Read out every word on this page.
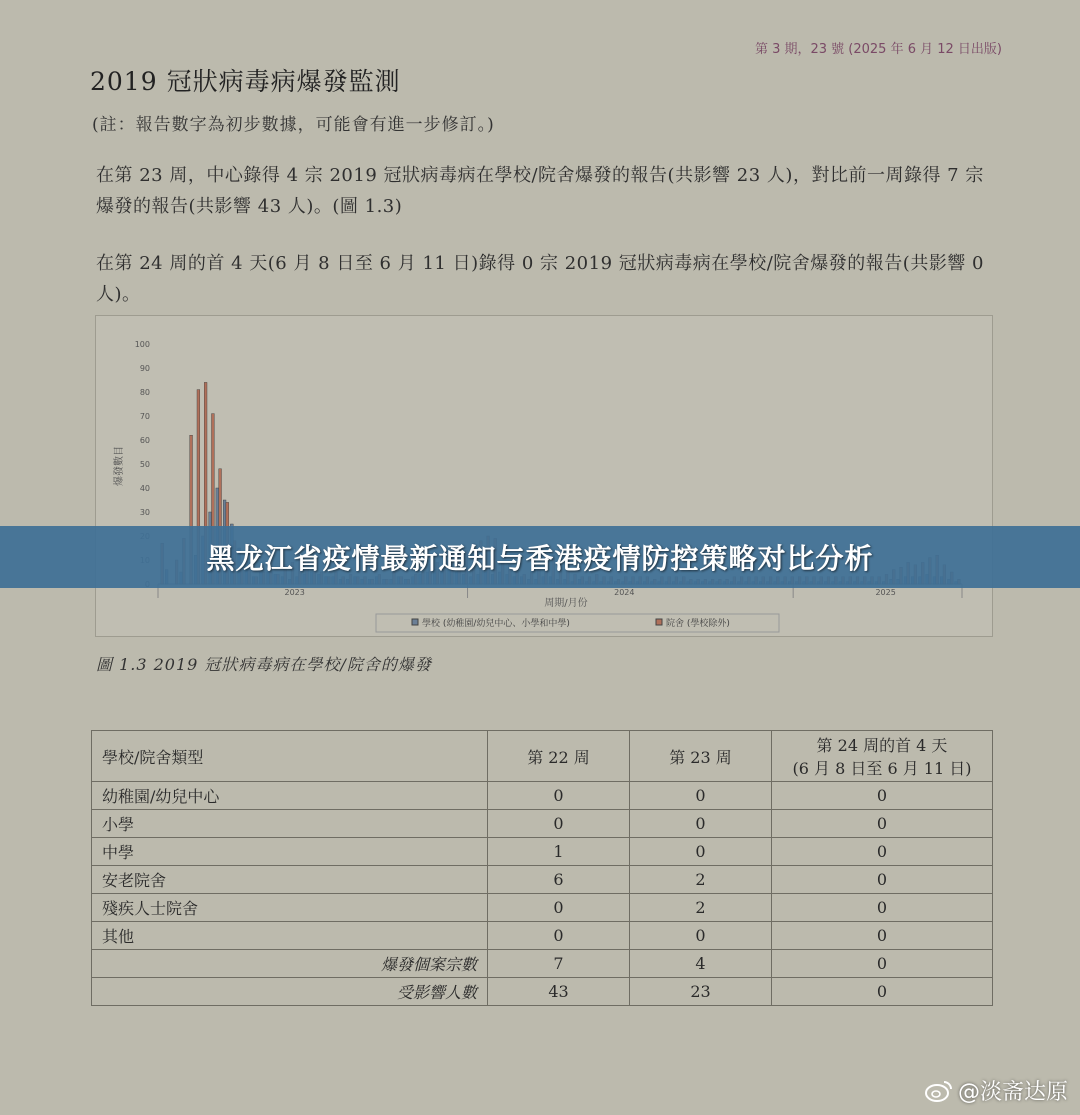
第 3 期，23 號 (2025 年 6 月 12 日出版)
2019 冠狀病毒病爆發監測
(註：報告數字為初步數據，可能會有進一步修訂。)
在第 23 周，中心錄得 4 宗 2019 冠狀病毒病在學校/院舍爆發的報告(共影響 23 人)，對比前一周錄得 7 宗爆發的報告(共影響 43 人)。(圖 1.3)
在第 24 周的首 4 天(6 月 8 日至 6 月 11 日)錄得 0 宗 2019 冠狀病毒病在學校/院舍爆發的報告(共影響 0 人)。
30
40
50
60
70
80
90
100
2023	2024	2025
爆發數目
周期/月份
學校 (幼稚園/幼兒中心、小學和中學)	院舍 (學校除外)
圖 1.3 2019 冠狀病毒病在學校/院舍的爆發
學校/院舍類型	第 22 周	第 23 周	第 24 周的首 4 天
(6 月 8 日至 6 月 11 日)

幼稚園/幼兒中心	0	0	0
小學	0	0	0
中學	1	0	0
安老院舍	6	2	0
殘疾人士院舍	0	2	0
其他	0	0	0
爆發個案宗數	7	4	0
受影響人數	43	23	0
黑龙江省疫情最新通知与香港疫情防控策略对比分析
@淡斋达原
